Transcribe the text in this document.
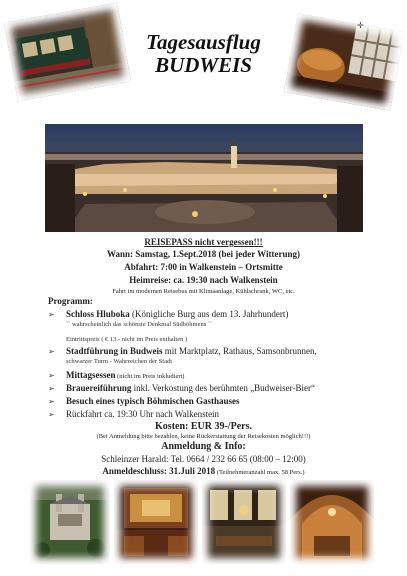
✛
Tagesausflug
BUDWEIS
REISEPASS nicht vergessen!!!
Wann: Samstag, 1.Sept.2018 (bei jeder Witterung)
Abfahrt: 7:00 in Walkenstein – Ortsmitte
Heimreise: ca. 19:30 nach Walkenstein
Fahrt im modernen Reisebus mit Klimaanlage, Kühlschrank, WC, etc.
Programm:
➢ Schloss Hluboka (Königliche Burg aus dem 13. Jahrhundert)
`` wahrscheinlich das schönste Denkmal Südböhmens ``
Eintrittspreis ( € 13.- nicht im Preis enthalten )
➢ Stadtführung in Budweis mit Marktplatz, Rathaus, Samsonbrunnen,
schwarzer Turm - Wahrzeichen der Stadt
➢ Mittagsessen (nicht im Preis inkludiert)
➢ Brauereiführung inkl. Verkostung des berühmten „Budweiser-Bier“
➢ Besuch eines typisch Böhmischen Gasthauses
➢ Rückfahrt ca. 19:30 Uhr nach Walkenstein
Kosten: EUR 39-/Pers.
(Bei Anmeldung bitte bezahlen, keine Rückerstattung der Reisekosten möglich!!!)
Anmeldung & Info:
Schleinzer Harald: Tel. 0664 / 232 66 65 (08:00 – 12:00)
Anmeldeschluss: 31.Juli 2018 (Teilnehmeranzahl max. 58 Pers.)
